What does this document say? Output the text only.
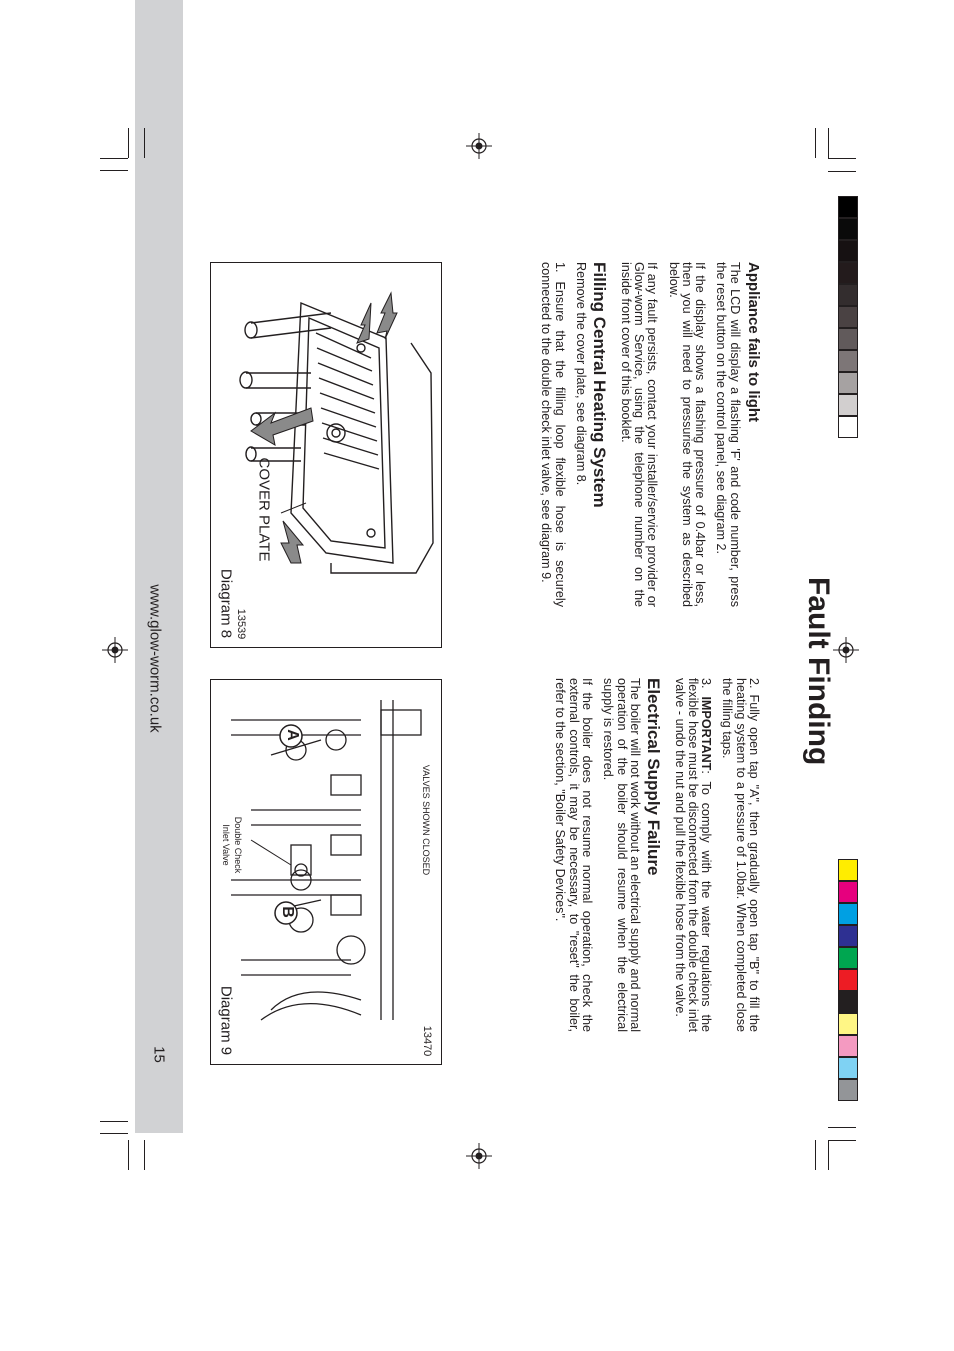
15
www.glow-worm.co.uk	Fault Finding
Appliance fails to light

The LCD will display a flashing 'F' and code number, press the reset button on the control panel, see diagram 2.

If the display shows a flashing pressure of 0.4bar or less, then you will need to pressurise the system as described below.

If any fault persists, contact your installer/service provider or Glow-worm Service, using the telephone number on the inside front cover of this booklet.

Filling Central Heating System

Remove the cover plate, see diagram 8.

1. Ensure that the filling loop flexible hose is securely connected to the double check inlet valve, see diagram 9.

2. Fully open tap "A", then gradually open tap "B" to fill the heating system to a pressure of 1.0bar. When completed close the filling taps.

3. IMPORTANT: To comply with the water regulations the flexible hose must be disconnected from the double check inlet valve - undo the nut and pull the flexible hose from the valve.

Electrical Supply Failure

The boiler will not work without an electrical supply and normal operation of the boiler should resume when the electrical supply is restored.

If the boiler does not resume normal operation, check the external controls, it may be necessary, to "reset" the boiler, refer to the section, "Boiler Safety Devices".

13539
Diagram 8
COVER PLATE
13470
Diagram 9
VALVES SHOWN CLOSED
Double Check
Inlet Valve
A
B
